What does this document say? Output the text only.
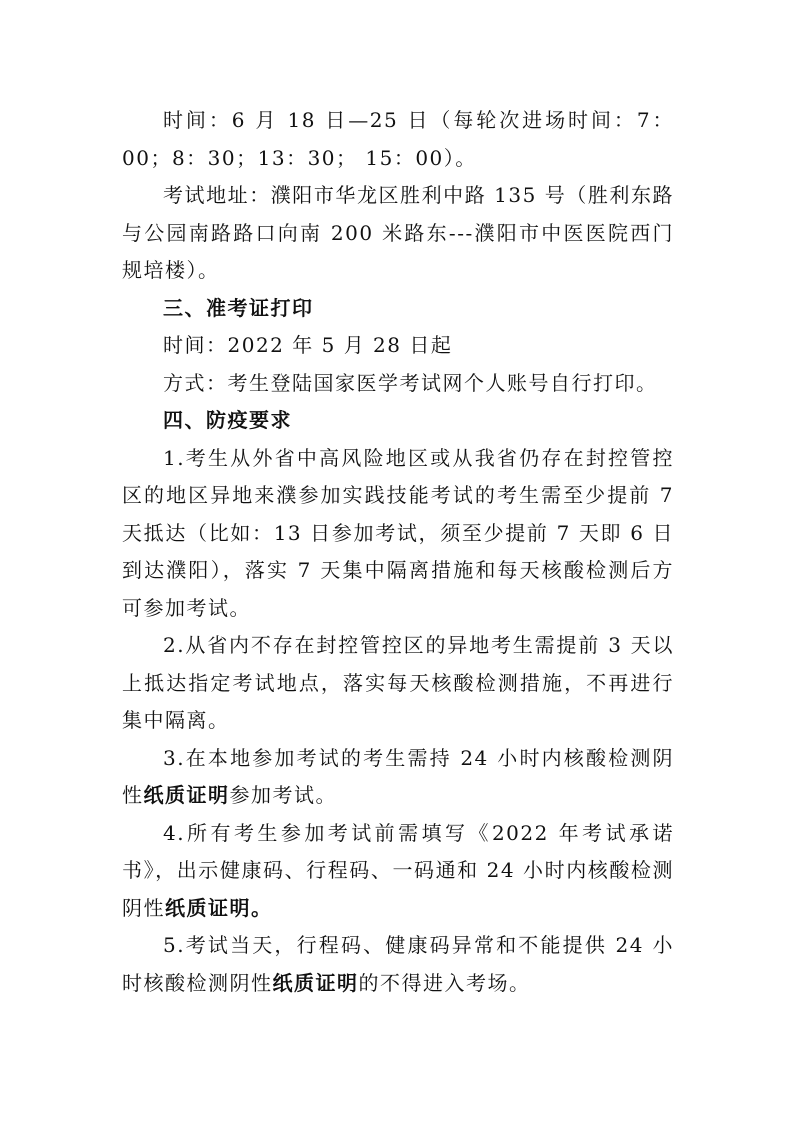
时间：6 月 18 日—25 日（每轮次进场时间：7：00；8：30；13：30； 15：00）。

考试地址：濮阳市华龙区胜利中路 135 号（胜利东路与公园南路路口向南 200 米路东---濮阳市中医医院西门规培楼）。

三、准考证打印

时间：2022 年 5 月 28 日起

方式：考生登陆国家医学考试网个人账号自行打印。

四、防疫要求

1.考生从外省中高风险地区或从我省仍存在封控管控区的地区异地来濮参加实践技能考试的考生需至少提前 7 天抵达（比如：13 日参加考试，须至少提前 7 天即 6 日到达濮阳），落实 7 天集中隔离措施和每天核酸检测后方可参加考试。

2.从省内不存在封控管控区的异地考生需提前 3 天以上抵达指定考试地点，落实每天核酸检测措施，不再进行集中隔离。

3.在本地参加考试的考生需持 24 小时内核酸检测阴性纸质证明参加考试。

4.所有考生参加考试前需填写《2022 年考试承诺书》，出示健康码、行程码、一码通和 24 小时内核酸检测阴性纸质证明。

5.考试当天，行程码、健康码异常和不能提供 24 小时核酸检测阴性纸质证明的不得进入考场。
